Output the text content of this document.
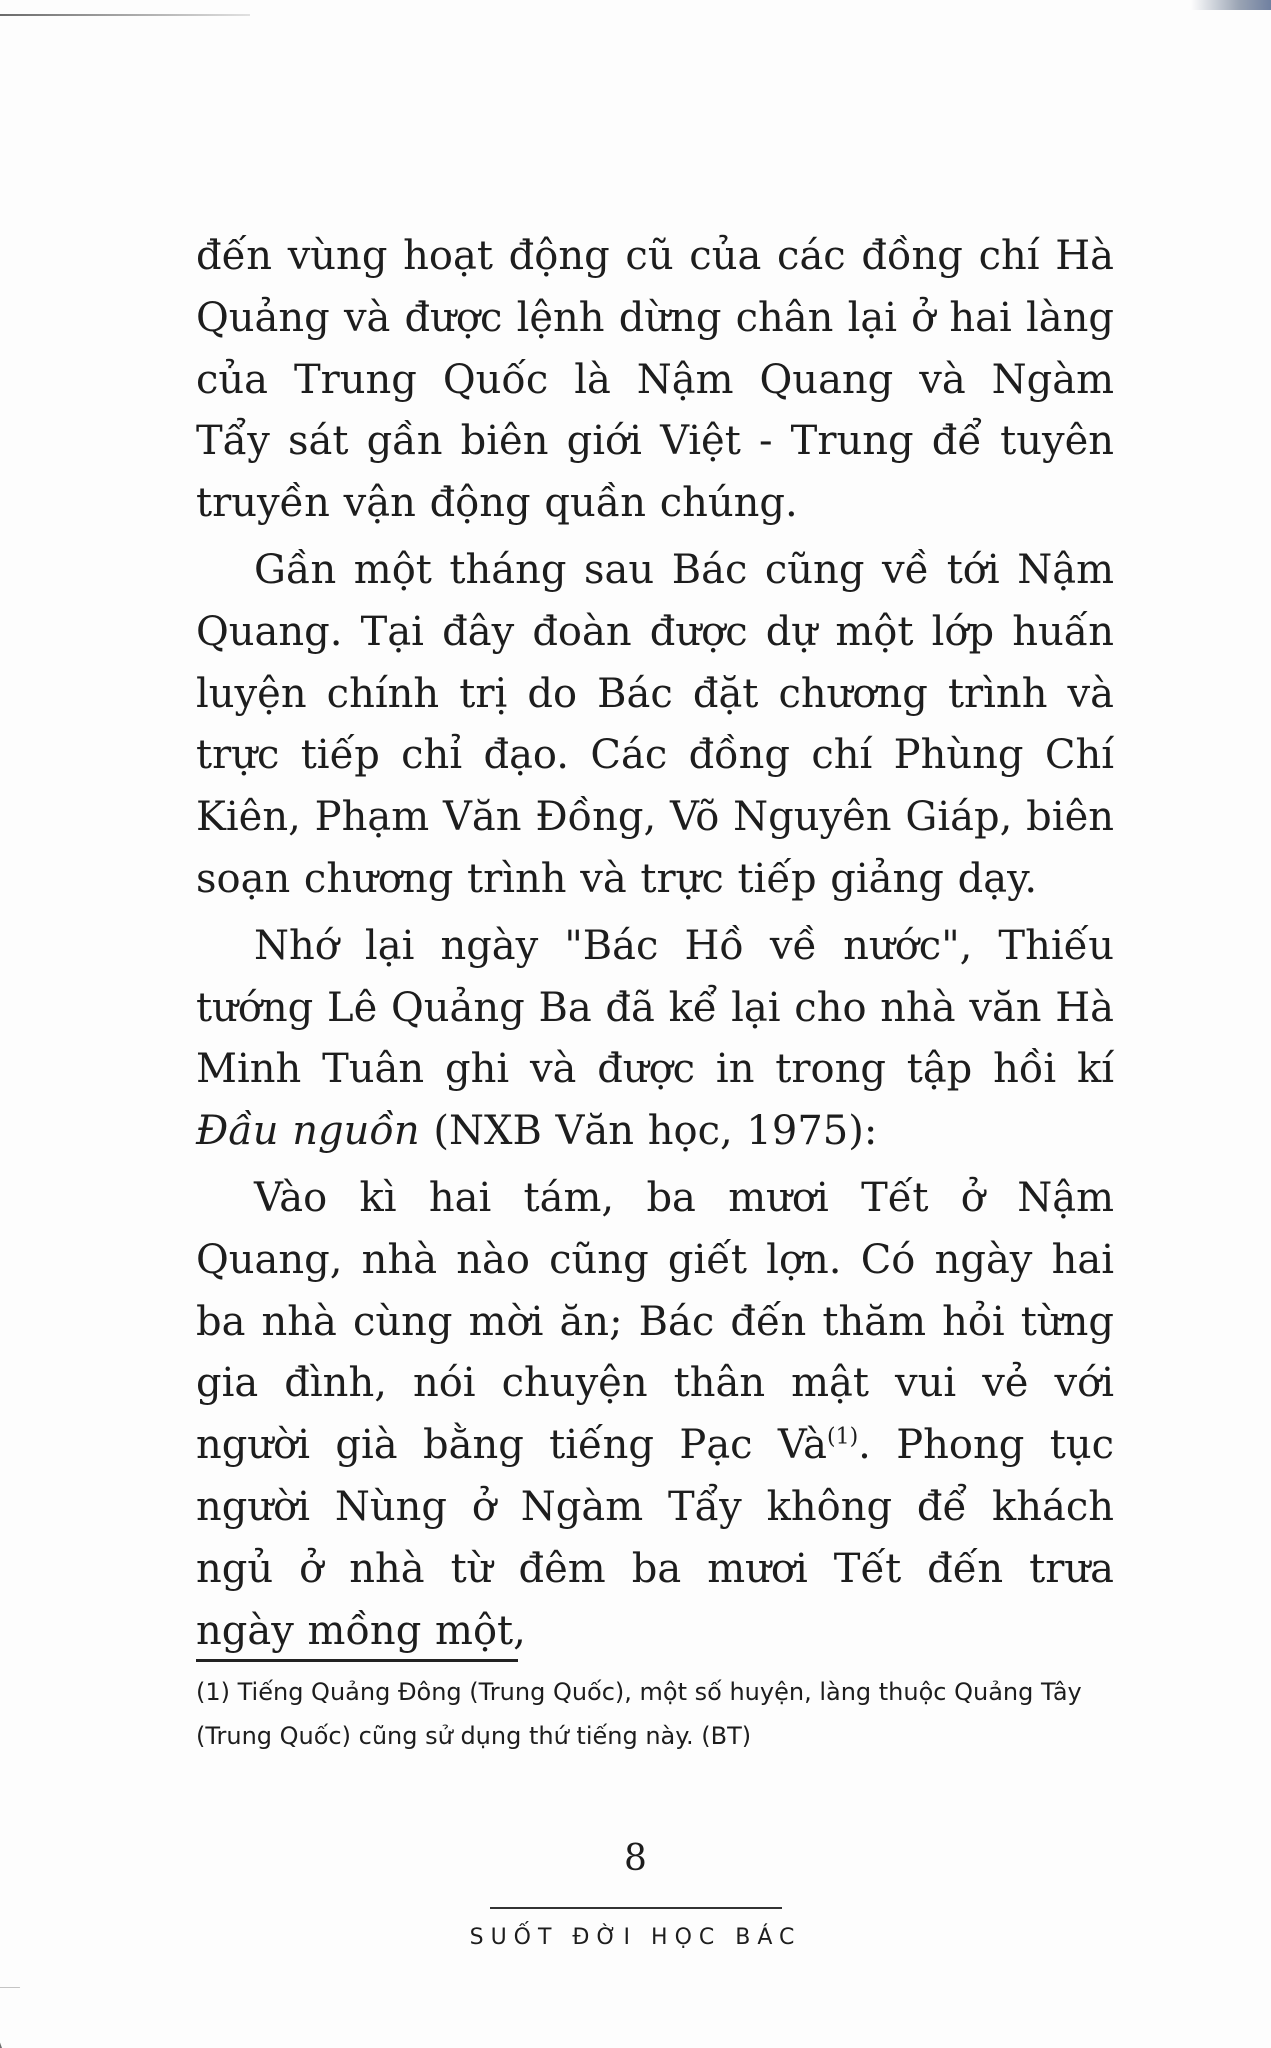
đến vùng hoạt động cũ của các đồng chí Hà Quảng và được lệnh dừng chân lại ở hai làng của Trung Quốc là Nậm Quang và Ngàm Tẩy sát gần biên giới Việt - Trung để tuyên truyền vận động quần chúng.

Gần một tháng sau Bác cũng về tới Nậm Quang. Tại đây đoàn được dự một lớp huấn luyện chính trị do Bác đặt chương trình và trực tiếp chỉ đạo. Các đồng chí Phùng Chí Kiên, Phạm Văn Đồng, Võ Nguyên Giáp, biên soạn chương trình và trực tiếp giảng dạy.

Nhớ lại ngày "Bác Hồ về nước", Thiếu tướng Lê Quảng Ba đã kể lại cho nhà văn Hà Minh Tuân ghi và được in trong tập hồi kí Đầu nguồn (NXB Văn học, 1975):

Vào kì hai tám, ba mươi Tết ở Nậm Quang, nhà nào cũng giết lợn. Có ngày hai ba nhà cùng mời ăn; Bác đến thăm hỏi từng gia đình, nói chuyện thân mật vui vẻ với người già bằng tiếng Pạc $Và^{(1)}$. Phong tục người Nùng ở Ngàm Tẩy không để khách ngủ ở nhà từ đêm ba mươi Tết đến trưa ngày mồng một,

(1) Tiếng Quảng Đông (Trung Quốc), một số huyện, làng thuộc Quảng Tây (Trung Quốc) cũng sử dụng thứ tiếng này. (BT)

8
SUỐT ĐỜI HỌC BÁC
